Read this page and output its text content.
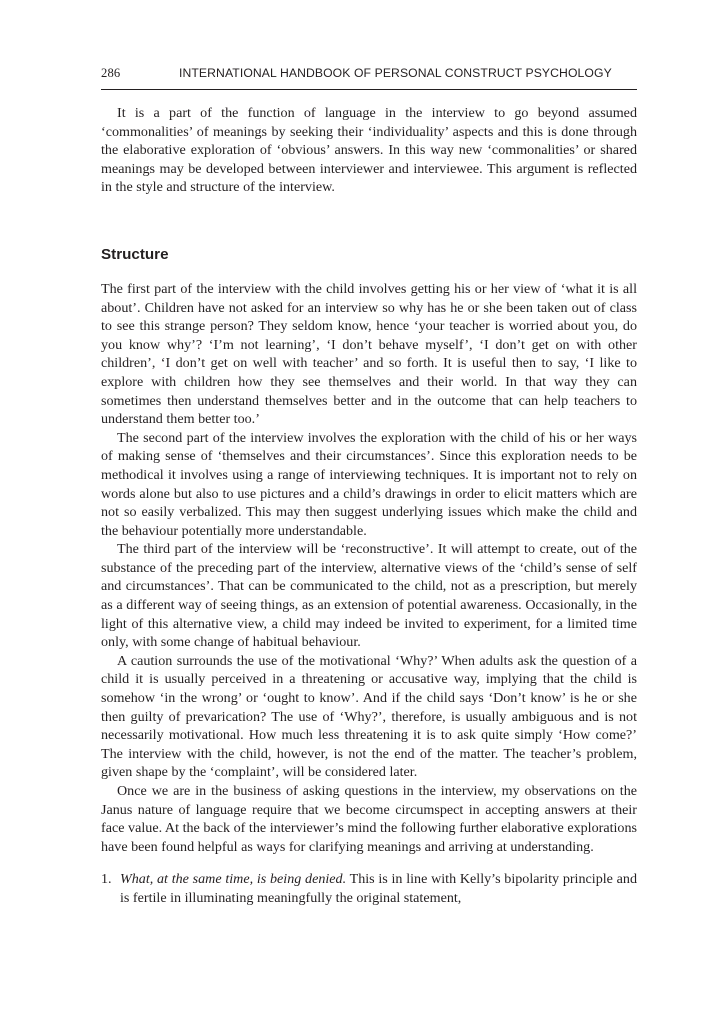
286	INTERNATIONAL HANDBOOK OF PERSONAL CONSTRUCT PSYCHOLOGY

It is a part of the function of language in the interview to go beyond assumed ‘commonalities’ of meanings by seeking their ‘individuality’ aspects and this is done through the elaborative exploration of ‘obvious’ answers. In this way new ‘commonalities’ or shared meanings may be developed between interviewer and interviewee. This argument is reflected in the style and structure of the interview.

Structure

The first part of the interview with the child involves getting his or her view of ‘what it is all about’. Children have not asked for an interview so why has he or she been taken out of class to see this strange person? They seldom know, hence ‘your teacher is worried about you, do you know why’? ‘I’m not learning’, ‘I don’t behave myself’, ‘I don’t get on with other children’, ‘I don’t get on well with teacher’ and so forth. It is useful then to say, ‘I like to explore with children how they see themselves and their world. In that way they can sometimes then understand themselves better and in the outcome that can help teachers to understand them better too.’

The second part of the interview involves the exploration with the child of his or her ways of making sense of ‘themselves and their circumstances’. Since this exploration needs to be methodical it involves using a range of interviewing techniques. It is important not to rely on words alone but also to use pictures and a child’s drawings in order to elicit matters which are not so easily verbalized. This may then suggest underlying issues which make the child and the behaviour potentially more understandable.

The third part of the interview will be ‘reconstructive’. It will attempt to create, out of the substance of the preceding part of the interview, alternative views of the ‘child’s sense of self and circumstances’. That can be communicated to the child, not as a prescription, but merely as a different way of seeing things, as an extension of potential awareness. Occasionally, in the light of this alternative view, a child may indeed be invited to experiment, for a limited time only, with some change of habitual behaviour.

A caution surrounds the use of the motivational ‘Why?’ When adults ask the question of a child it is usually perceived in a threatening or accusative way, implying that the child is somehow ‘in the wrong’ or ‘ought to know’. And if the child says ‘Don’t know’ is he or she then guilty of prevarication? The use of ‘Why?’, therefore, is usually ambiguous and is not necessarily motivational. How much less threatening it is to ask quite simply ‘How come?’ The interview with the child, however, is not the end of the matter. The teacher’s problem, given shape by the ‘complaint’, will be considered later.

Once we are in the business of asking questions in the interview, my observations on the Janus nature of language require that we become circumspect in accepting answers at their face value. At the back of the interviewer’s mind the following further elaborative explorations have been found helpful as ways for clarifying meanings and arriving at understanding.

1. What, at the same time, is being denied. This is in line with Kelly’s bipolarity principle and is fertile in illuminating meaningfully the original statement,
